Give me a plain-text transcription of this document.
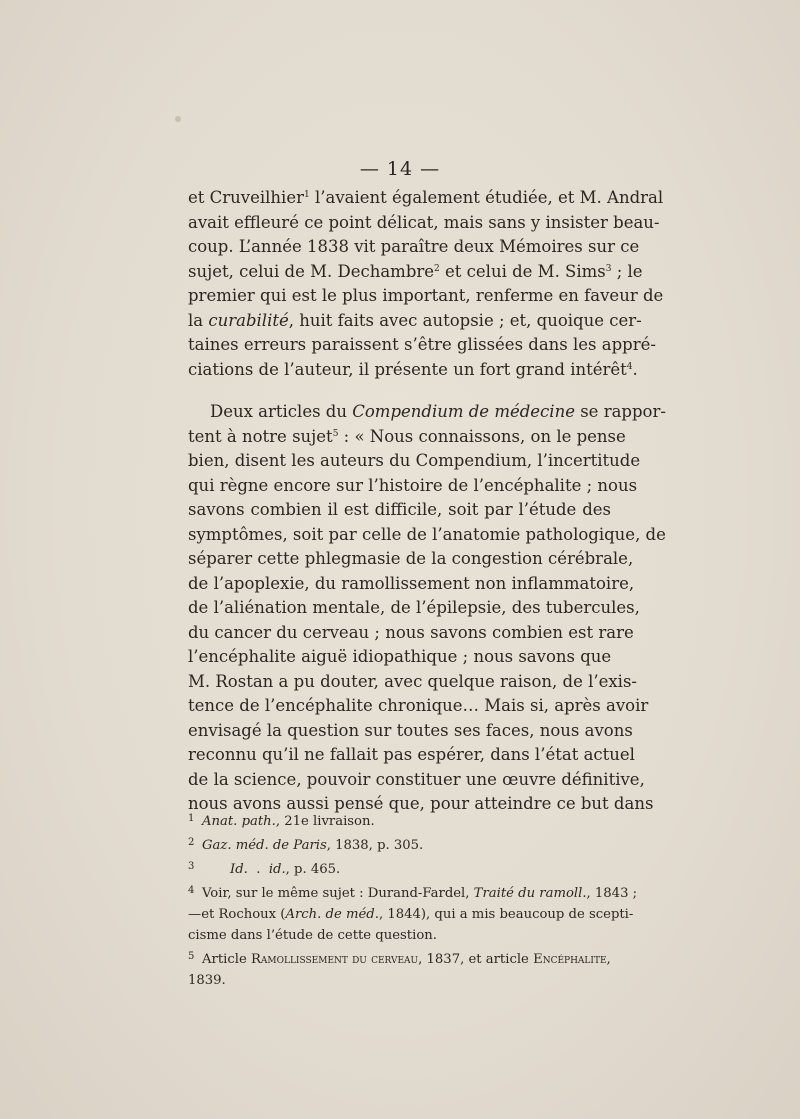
— 14 —
et Cruveilhier$^1$ l’avaient également étudiée, et M. Andral
avait effleuré ce point délicat, mais sans y insister beau-
coup. L’année 1838 vit paraître deux Mémoires sur ce
sujet, celui de M. Dechambre$^2$ et celui de M. Sims$^3$ ; le
premier qui est le plus important, renferme en faveur de
la curabilité, huit faits avec autopsie ; et, quoique cer-
taines erreurs paraissent s’être glissées dans les appré-
ciations de l’auteur, il présente un fort grand intérêt$^4$.
Deux articles du Compendium de médecine se rappor-
tent à notre sujet$^5$ : « Nous connaissons, on le pense
bien, disent les auteurs du Compendium, l’incertitude
qui règne encore sur l’histoire de l’encéphalite ; nous
savons combien il est difficile, soit par l’étude des
symptômes, soit par celle de l’anatomie pathologique, de
séparer cette phlegmasie de la congestion cérébrale,
de l’apoplexie, du ramollissement non inflammatoire,
de l’aliénation mentale, de l’épilepsie, des tubercules,
du cancer du cerveau ; nous savons combien est rare
l’encéphalite aiguë idiopathique ; nous savons que
M. Rostan a pu douter, avec quelque raison, de l’exis-
tence de l’encéphalite chronique… Mais si, après avoir
envisagé la question sur toutes ses faces, nous avons
reconnu qu’il ne fallait pas espérer, dans l’état actuel
de la science, pouvoir constituer une œuvre définitive,
nous avons aussi pensé que, pour atteindre ce but dans
1 Anat. path., 21e livraison.
2 Gaz. méd. de Paris, 1838, p. 305.
3	Id.  .  id., p. 465.
4 Voir, sur le même sujet : Durand-Fardel, Traité du ramoll., 1843 ;
—et Rochoux (Arch. de méd., 1844), qui a mis beaucoup de scepti-
cisme dans l’étude de cette question.
5 Article Ramollissement du cerveau, 1837, et article Encéphalite,
1839.
